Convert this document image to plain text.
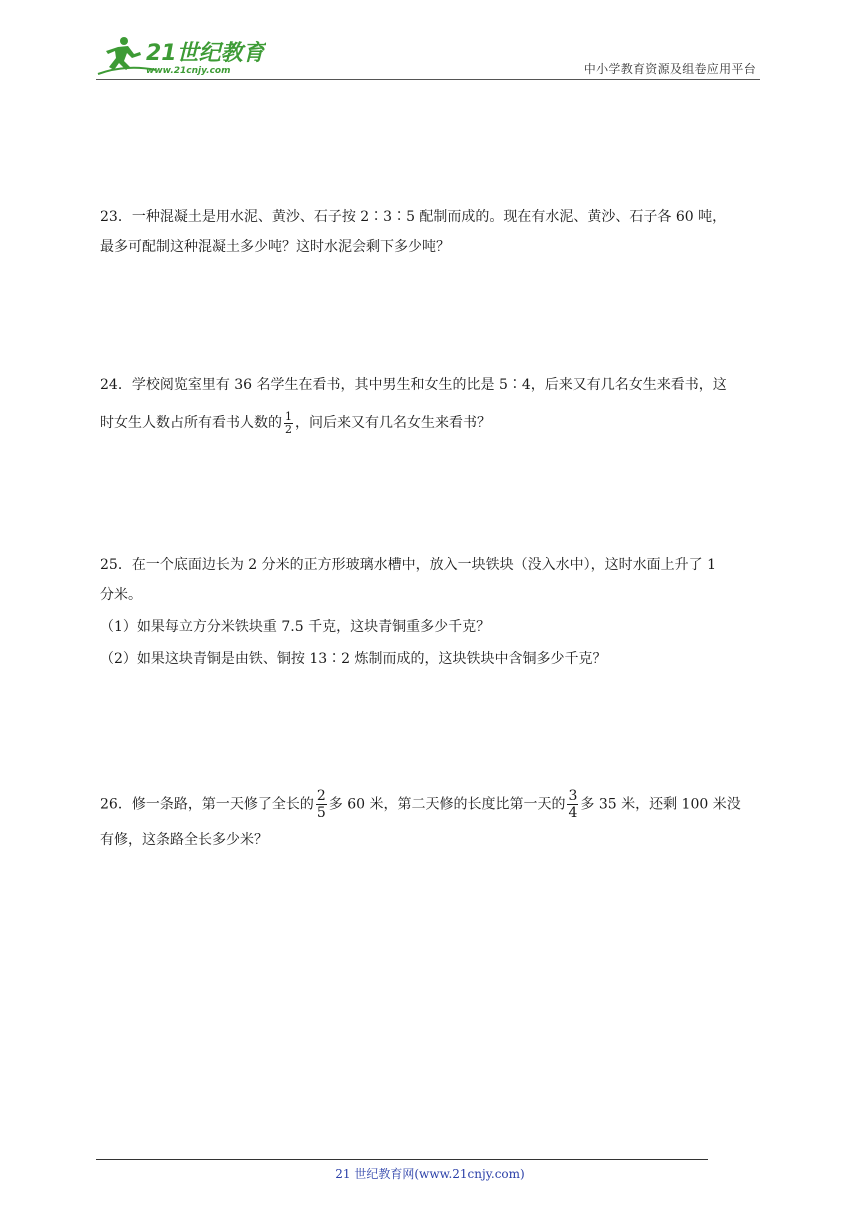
21世纪教育
www.21cnjy.com	中小学教育资源及组卷应用平台

23．一种混凝土是用水泥、黄沙、石子按 2∶3∶5 配制而成的。现在有水泥、黄沙、石子各 60 吨，

最多可配制这种混凝土多少吨？这时水泥会剩下多少吨？

24．学校阅览室里有 36 名学生在看书，其中男生和女生的比是 5∶4，后来又有几名女生来看书，这

时女生人数占所有看书人数的 $\frac{1}{2}$ ，问后来又有几名女生来看书？

25．在一个底面边长为 2 分米的正方形玻璃水槽中，放入一块铁块（没入水中），这时水面上升了 1

分米。

（1）如果每立方分米铁块重 7.5 千克，这块青铜重多少千克？

（2）如果这块青铜是由铁、铜按 13∶2 炼制而成的，这块铁块中含铜多少千克？

26．修一条路，第一天修了全长的 $\frac{2}{5}$ 多 60 米，第二天修的长度比第一天的 $\frac{3}{4}$ 多 35 米，还剩 100 米没

有修，这条路全长多少米？

21 世纪教育网(www.21cnjy.com)
